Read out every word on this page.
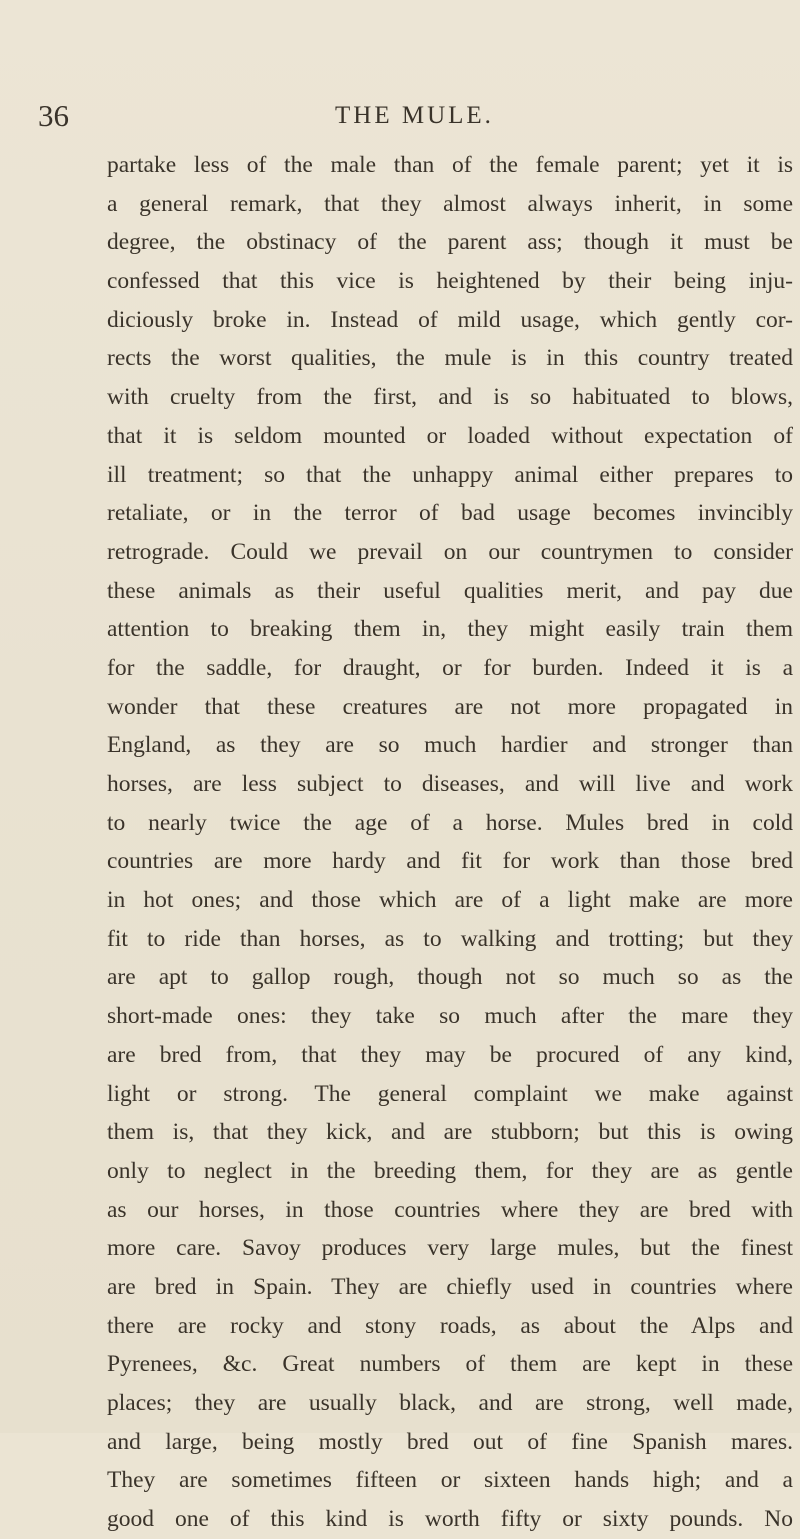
36	THE MULE.
partake less of the male than of the female parent; yet it is
a general remark, that they almost always inherit, in some
degree, the obstinacy of the parent ass; though it must be
confessed that this vice is heightened by their being inju-
diciously broke in. Instead of mild usage, which gently cor-
rects the worst qualities, the mule is in this country treated
with cruelty from the first, and is so habituated to blows,
that it is seldom mounted or loaded without expectation of
ill treatment; so that the unhappy animal either prepares to
retaliate, or in the terror of bad usage becomes invincibly
retrograde. Could we prevail on our countrymen to consider
these animals as their useful qualities merit, and pay due
attention to breaking them in, they might easily train them
for the saddle, for draught, or for burden. Indeed it is a
wonder that these creatures are not more propagated in
England, as they are so much hardier and stronger than
horses, are less subject to diseases, and will live and work
to nearly twice the age of a horse. Mules bred in cold
countries are more hardy and fit for work than those bred
in hot ones; and those which are of a light make are more
fit to ride than horses, as to walking and trotting; but they
are apt to gallop rough, though not so much so as the
short-made ones: they take so much after the mare they
are bred from, that they may be procured of any kind,
light or strong. The general complaint we make against
them is, that they kick, and are stubborn; but this is owing
only to neglect in the breeding them, for they are as gentle
as our horses, in those countries where they are bred with
more care. Savoy produces very large mules, but the finest
are bred in Spain. They are chiefly used in countries where
there are rocky and stony roads, as about the Alps and
Pyrenees, &c. Great numbers of them are kept in these
places; they are usually black, and are strong, well made,
and large, being mostly bred out of fine Spanish mares.
They are sometimes fifteen or sixteen hands high; and a
good one of this kind is worth fifty or sixty pounds. No
